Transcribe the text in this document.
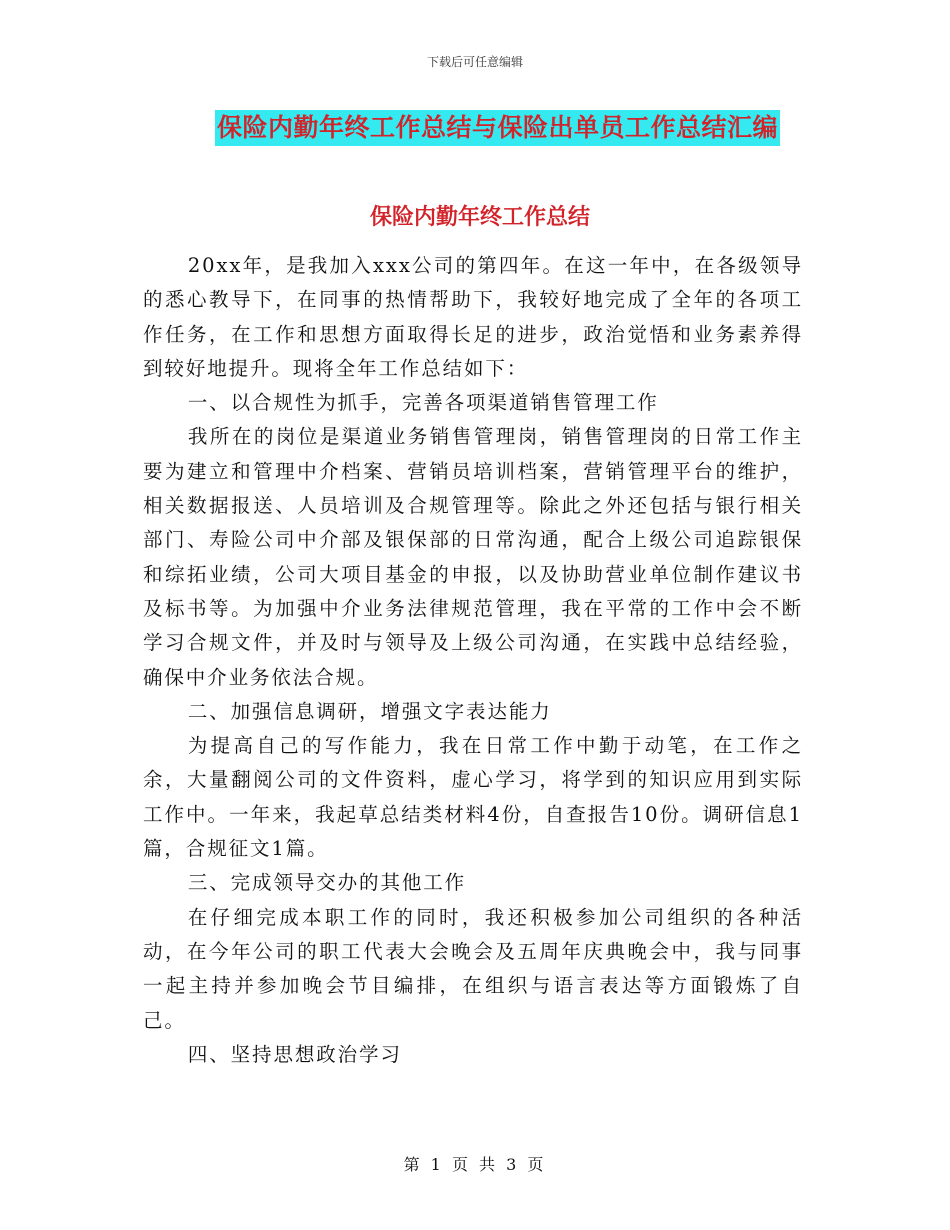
下载后可任意编辑
保险内勤年终工作总结与保险出单员工作总结汇编
保险内勤年终工作总结

20xx年，是我加入xxx公司的第四年。在这一年中，在各级领导的悉心教导下，在同事的热情帮助下，我较好地完成了全年的各项工作任务，在工作和思想方面取得长足的进步，政治觉悟和业务素养得到较好地提升。现将全年工作总结如下：

一、以合规性为抓手，完善各项渠道销售管理工作

我所在的岗位是渠道业务销售管理岗，销售管理岗的日常工作主要为建立和管理中介档案、营销员培训档案，营销管理平台的维护，相关数据报送、人员培训及合规管理等。除此之外还包括与银行相关部门、寿险公司中介部及银保部的日常沟通，配合上级公司追踪银保和综拓业绩，公司大项目基金的申报，以及协助营业单位制作建议书及标书等。为加强中介业务法律规范管理，我在平常的工作中会不断学习合规文件，并及时与领导及上级公司沟通，在实践中总结经验，确保中介业务依法合规。

二、加强信息调研，增强文字表达能力

为提高自己的写作能力，我在日常工作中勤于动笔，在工作之余，大量翻阅公司的文件资料，虚心学习，将学到的知识应用到实际工作中。一年来，我起草总结类材料4份，自查报告10份。调研信息1篇，合规征文1篇。

三、完成领导交办的其他工作

在仔细完成本职工作的同时，我还积极参加公司组织的各种活动，在今年公司的职工代表大会晚会及五周年庆典晚会中，我与同事一起主持并参加晚会节目编排，在组织与语言表达等方面锻炼了自己。

四、坚持思想政治学习

第 1 页 共 3 页
